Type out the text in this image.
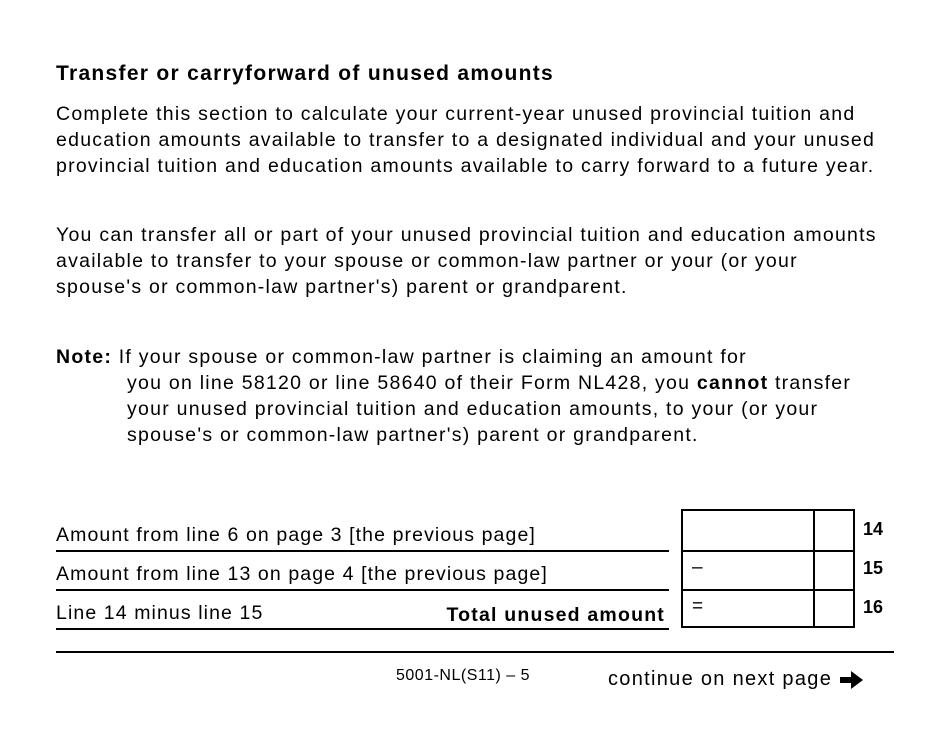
Transfer or carryforward of unused amounts

Complete this section to calculate your current-year unused provincial tuition and education amounts available to transfer to a designated individual and your unused provincial tuition and education amounts available to carry forward to a future year.

You can transfer all or part of your unused provincial tuition and education amounts available to transfer to your spouse or common-law partner or your (or your spouse's or common-law partner's) parent or grandparent.

Note: If your spouse or common-law partner is claiming an amount for
you on line 58120 or line 58640 of their Form NL428, you cannot transfer your unused provincial tuition and education amounts, to your (or your spouse's or common-law partner's) parent or grandparent.

Amount from line 6 on page 3 [the previous page]
Amount from line 13 on page 4 [the previous page]
Line 14 minus line 15	Total unused amount
–
=
14
15
16
5001-NL(S11) – 5	continue on next page
